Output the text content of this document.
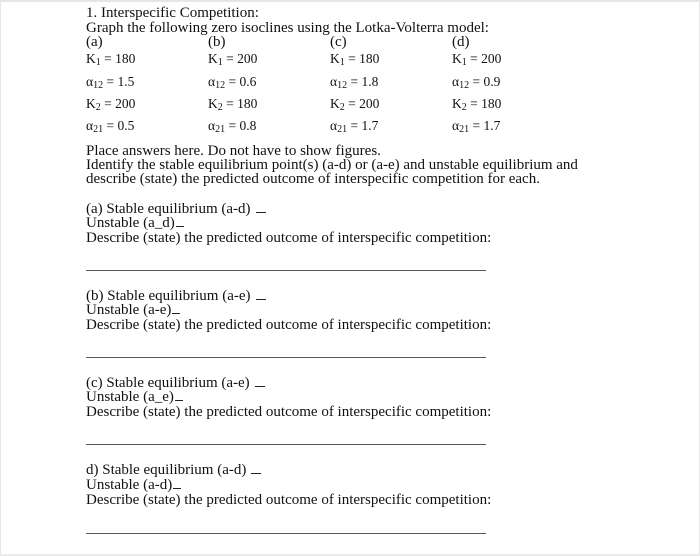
1. Interspecific Competition:
Graph the following zero isoclines using the Lotka-Volterra model:
(a)
$K_1 = 180$
$\alpha_{12} = 1.5$
$K_2 = 200$
$\alpha_{21} = 0.5$
(b)
$K_1 = 200$
$\alpha_{12} = 0.6$
$K_2 = 180$
$\alpha_{21} = 0.8$
(c)
$K_1 = 180$
$\alpha_{12} = 1.8$
$K_2 = 200$
$\alpha_{21} = 1.7$
(d)
$K_1 = 200$
$\alpha_{12} = 0.9$
$K_2 = 180$
$\alpha_{21} = 1.7$
Place answers here. Do not have to show figures.
Identify the stable equilibrium point(s) (a-d) or (a-e) and unstable equilibrium and
describe (state) the predicted outcome of interspecific competition for each.
(a) Stable equilibrium (a-d)
Unstable (a_d)
Describe (state) the predicted outcome of interspecific competition:
(b) Stable equilibrium (a-e)
Unstable (a-e)
Describe (state) the predicted outcome of interspecific competition:
(c) Stable equilibrium (a-e)
Unstable (a_e)
Describe (state) the predicted outcome of interspecific competition:
d) Stable equilibrium (a-d)
Unstable (a-d)
Describe (state) the predicted outcome of interspecific competition:
